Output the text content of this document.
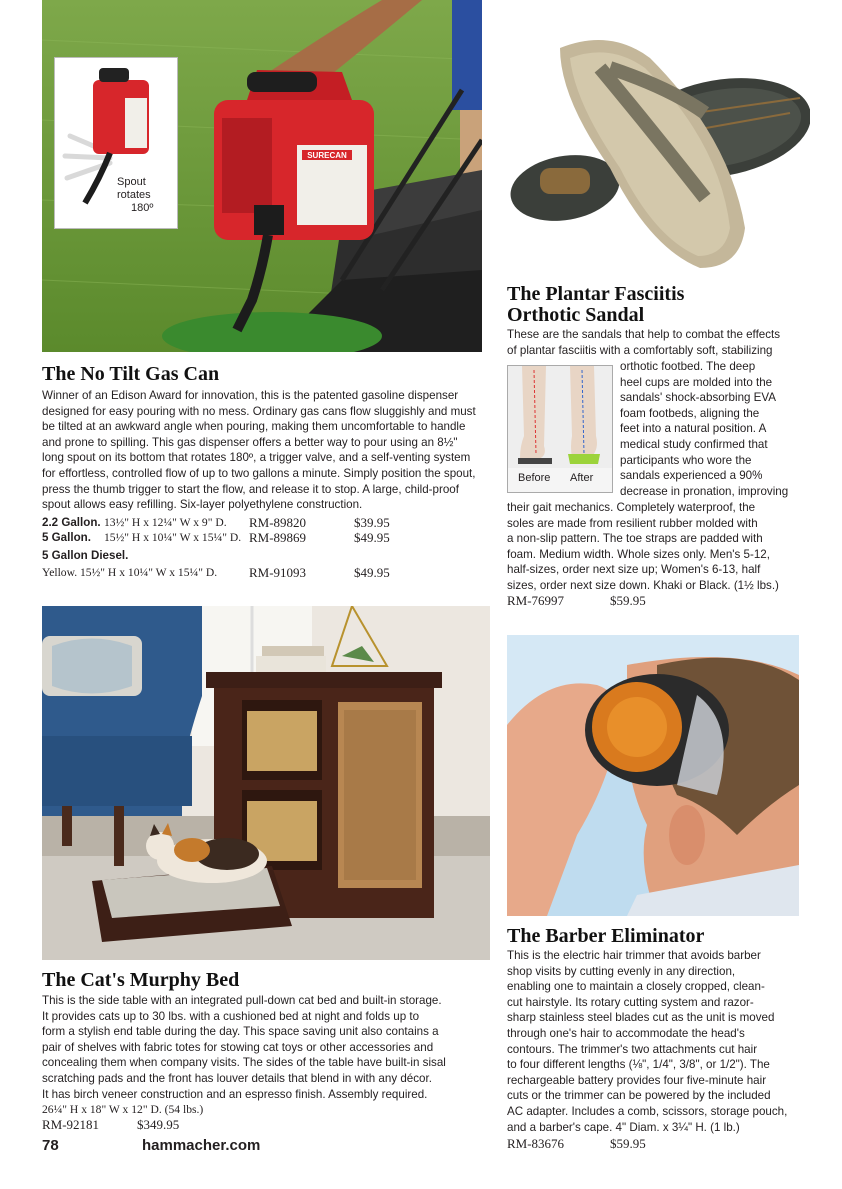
SURECAN
Spout
rotates
180º
The No Tilt Gas Can

Winner of an Edison Award for innovation, this is the patented gasoline dispenser designed for easy pouring with no mess. Ordinary gas cans flow sluggishly and must be tilted at an awkward angle when pouring, making them uncomfortable to handle and prone to spilling. This gas dispenser offers a better way to pour using an 8½" long spout on its bottom that rotates 180º, a trigger valve, and a self-venting system for effortless, controlled flow of up to two gallons a minute. Simply position the spout, press the thumb trigger to start the flow, and release it to stop. A large, child-proof spout allows easy refilling. Six-layer polyethylene construction.

2.2 Gallon. 13½" H x 12¼" W x 9" D. RM-89820	$39.95
5 Gallon. 15½" H x 10¼" W x 15¼" D. RM-89869	$49.95
5 Gallon Diesel.
Yellow. 15½" H x 10¼" W x 15¼" D. RM-91093	$49.95
The Plantar Fasciitis
Orthotic Sandal
These are the sandals that help to combat the effects
of plantar fasciitis with a comfortably soft, stabilizing
Before After
orthotic footbed. The deep
heel cups are molded into the
sandals' shock-absorbing EVA
foam footbeds, aligning the
feet into a natural position. A
medical study confirmed that
participants who wore the
sandals experienced a 90%
decrease in pronation, improving
their gait mechanics. Completely waterproof, the
soles are made from resilient rubber molded with
a non-slip pattern. The toe straps are padded with
foam. Medium width. Whole sizes only. Men's 5-12,
half-sizes, order next size up; Women's 6-13, half
sizes, order next size down. Khaki or Black. (1½ lbs.)
RM-76997	$59.95
The Cat's Murphy Bed
This is the side table with an integrated pull-down cat bed and built-in storage.
It provides cats up to 30 lbs. with a cushioned bed at night and folds up to
form a stylish end table during the day. This space saving unit also contains a
pair of shelves with fabric totes for stowing cat toys or other accessories and
concealing them when company visits. The sides of the table have built-in sisal
scratching pads and the front has louver details that blend in with any décor.
It has birch veneer construction and an espresso finish. Assembly required.
26¼" H x 18" W x 12" D. (54 lbs.)
RM-92181	$349.95
The Barber Eliminator
This is the electric hair trimmer that avoids barber
shop visits by cutting evenly in any direction,
enabling one to maintain a closely cropped, clean-
cut hairstyle. Its rotary cutting system and razor-
sharp stainless steel blades cut as the unit is moved
through one's hair to accommodate the head's
contours. The trimmer's two attachments cut hair
to four different lengths (⅛", 1/4", 3/8", or 1/2"). The
rechargeable battery provides four five-minute hair
cuts or the trimmer can be powered by the included
AC adapter. Includes a comb, scissors, storage pouch,
and a barber's cape. 4" Diam. x 3¼" H. (1 lb.)
RM-83676	$59.95
78	hammacher.com
